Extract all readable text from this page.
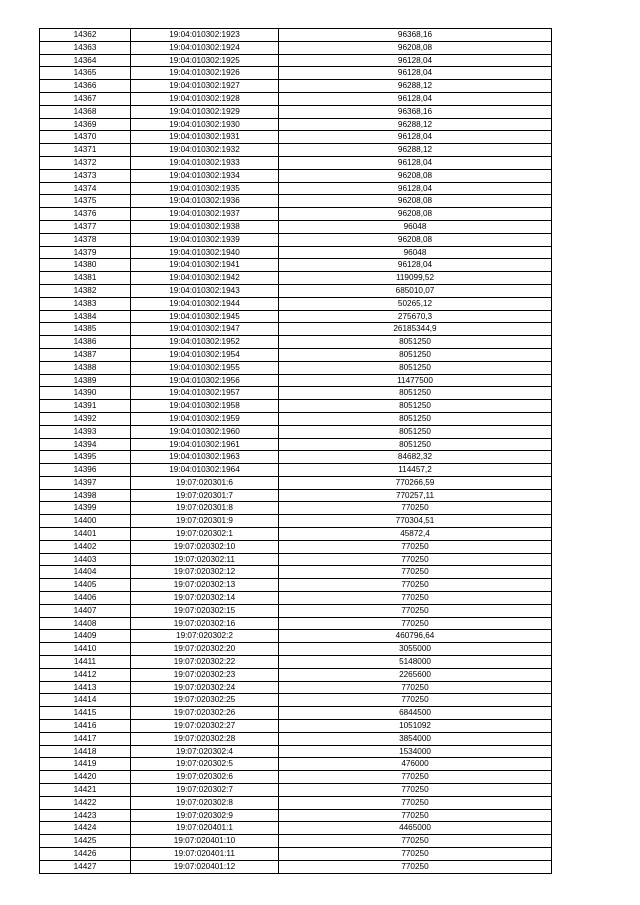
14362	19:04:010302:1923	96368,16
14363	19:04:010302:1924	96208,08
14364	19:04:010302:1925	96128,04
14365	19:04:010302:1926	96128,04
14366	19:04:010302:1927	96288,12
14367	19:04:010302:1928	96128,04
14368	19:04:010302:1929	96368,16
14369	19:04:010302:1930	96288,12
14370	19:04:010302:1931	96128,04
14371	19:04:010302:1932	96288,12
14372	19:04:010302:1933	96128,04
14373	19:04:010302:1934	96208,08
14374	19:04:010302:1935	96128,04
14375	19:04:010302:1936	96208,08
14376	19:04:010302:1937	96208,08
14377	19:04:010302:1938	96048
14378	19:04:010302:1939	96208,08
14379	19:04:010302:1940	96048
14380	19:04:010302:1941	96128,04
14381	19:04:010302:1942	119099,52
14382	19:04:010302:1943	685010,07
14383	19:04:010302:1944	50265,12
14384	19:04:010302:1945	275670,3
14385	19:04:010302:1947	26185344,9
14386	19:04:010302:1952	8051250
14387	19:04:010302:1954	8051250
14388	19:04:010302:1955	8051250
14389	19:04:010302:1956	11477500
14390	19:04:010302:1957	8051250
14391	19:04:010302:1958	8051250
14392	19:04:010302:1959	8051250
14393	19:04:010302:1960	8051250
14394	19:04:010302:1961	8051250
14395	19:04:010302:1963	84682,32
14396	19:04:010302:1964	114457,2
14397	19:07:020301:6	770266,59
14398	19:07:020301:7	770257,11
14399	19:07:020301:8	770250
14400	19:07:020301:9	770304,51
14401	19:07:020302:1	45872,4
14402	19:07:020302:10	770250
14403	19:07:020302:11	770250
14404	19:07:020302:12	770250
14405	19:07:020302:13	770250
14406	19:07:020302:14	770250
14407	19:07:020302:15	770250
14408	19:07:020302:16	770250
14409	19:07:020302:2	460796,64
14410	19:07:020302:20	3055000
14411	19:07:020302:22	5148000
14412	19:07:020302:23	2265600
14413	19:07:020302:24	770250
14414	19:07:020302:25	770250
14415	19:07:020302:26	6844500
14416	19:07:020302:27	1051092
14417	19:07:020302:28	3854000
14418	19:07:020302:4	1534000
14419	19:07:020302:5	476000
14420	19:07:020302:6	770250
14421	19:07:020302:7	770250
14422	19:07:020302:8	770250
14423	19:07:020302:9	770250
14424	19:07:020401:1	4465000
14425	19:07:020401:10	770250
14426	19:07:020401:11	770250
14427	19:07:020401:12	770250
